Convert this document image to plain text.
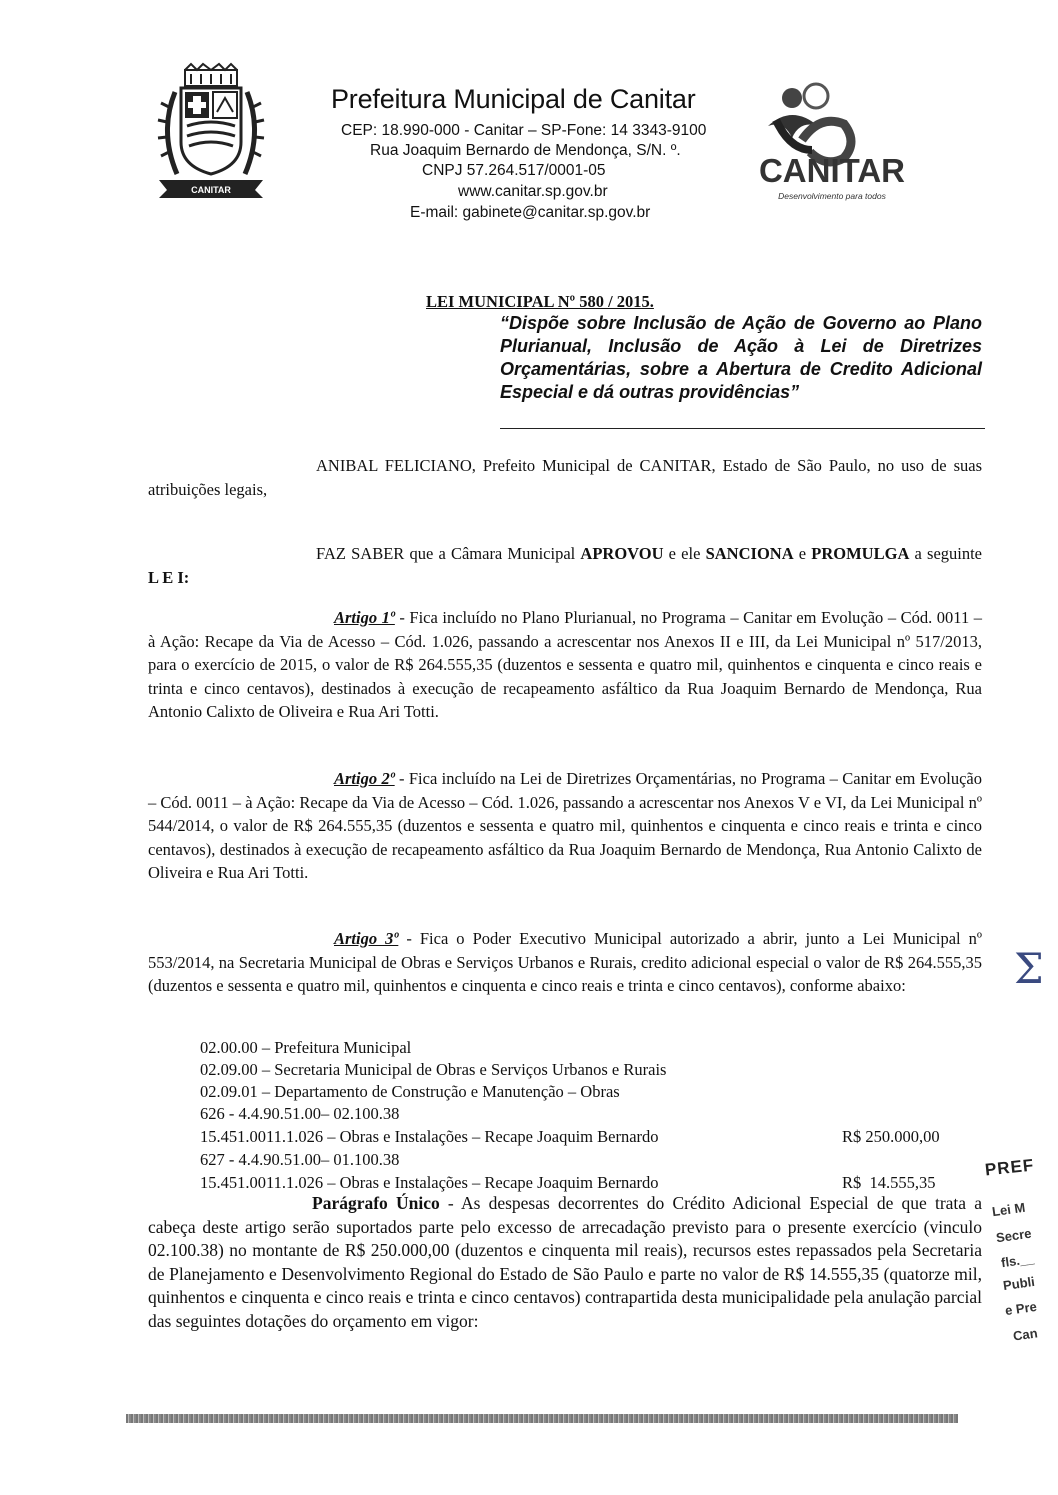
CANITAR
Prefeitura Municipal de Canitar
CEP: 18.990-000 - Canitar – SP-Fone: 14 3343-9100
Rua Joaquim Bernardo de Mendonça, S/N. º.
CNPJ 57.264.517/0001-05
www.canitar.sp.gov.br
E-mail: gabinete@canitar.sp.gov.br
CANITAR
Desenvolvimento para todos
LEI MUNICIPAL Nº 580 / 2015.
“Dispõe sobre Inclusão de Ação de Governo ao Plano Plurianual, Inclusão de Ação à Lei de Diretrizes Orçamentárias, sobre a Abertura de Credito Adicional Especial e dá outras providências”
ANIBAL FELICIANO, Prefeito Municipal de CANITAR, Estado de São Paulo, no uso de suas atribuições legais,
FAZ SABER que a Câmara Municipal APROVOU e ele SANCIONA e PROMULGA a seguinte L E I:
Artigo 1º - Fica incluído no Plano Plurianual, no Programa – Canitar em Evolução – Cód. 0011 – à Ação: Recape da Via de Acesso – Cód. 1.026, passando a acrescentar nos Anexos II e III, da Lei Municipal nº 517/2013, para o exercício de 2015, o valor de R$ 264.555,35 (duzentos e sessenta e quatro mil, quinhentos e cinquenta e cinco reais e trinta e cinco centavos), destinados à execução de recapeamento asfáltico da Rua Joaquim Bernardo de Mendonça, Rua Antonio Calixto de Oliveira e Rua Ari Totti.
Artigo 2º - Fica incluído na Lei de Diretrizes Orçamentárias, no Programa – Canitar em Evolução – Cód. 0011 – à Ação: Recape da Via de Acesso – Cód. 1.026, passando a acrescentar nos Anexos V e VI, da Lei Municipal nº 544/2014, o valor de R$ 264.555,35 (duzentos e sessenta e quatro mil, quinhentos e cinquenta e cinco reais e trinta e cinco centavos), destinados à execução de recapeamento asfáltico da Rua Joaquim Bernardo de Mendonça, Rua Antonio Calixto de Oliveira e Rua Ari Totti.
Artigo 3º - Fica o Poder Executivo Municipal autorizado a abrir, junto a Lei Municipal nº 553/2014, na Secretaria Municipal de Obras e Serviços Urbanos e Rurais, credito adicional especial o valor de R$ 264.555,35 (duzentos e sessenta e quatro mil, quinhentos e cinquenta e cinco reais e trinta e cinco centavos), conforme abaixo:
02.00.00 – Prefeitura Municipal
02.09.00 – Secretaria Municipal de Obras e Serviços Urbanos e Rurais
02.09.01 – Departamento de Construção e Manutenção – Obras
626 - 4.4.90.51.00– 02.100.38
15.451.0011.1.026 – Obras e Instalações – Recape Joaquim Bernardo	R$ 250.000,00
627 - 4.4.90.51.00– 01.100.38
15.451.0011.1.026 – Obras e Instalações – Recape Joaquim Bernardo	R$  14.555,35
Parágrafo Único - As despesas decorrentes do Crédito Adicional Especial de que trata a cabeça deste artigo serão suportados parte pelo excesso de arrecadação previsto para o presente exercício (vinculo 02.100.38) no montante de R$ 250.000,00 (duzentos e cinquenta mil reais), recursos estes repassados pela Secretaria de Planejamento e Desenvolvimento Regional do Estado de São Paulo e parte no valor de R$ 14.555,35 (quatorze mil, quinhentos e cinquenta e cinco reais e trinta e cinco centavos) contrapartida desta municipalidade pela anulação parcial das seguintes dotações do orçamento em vigor:
Σ
PREF
Lei M
Secre
fls.__
Publi
e Pre
Can
